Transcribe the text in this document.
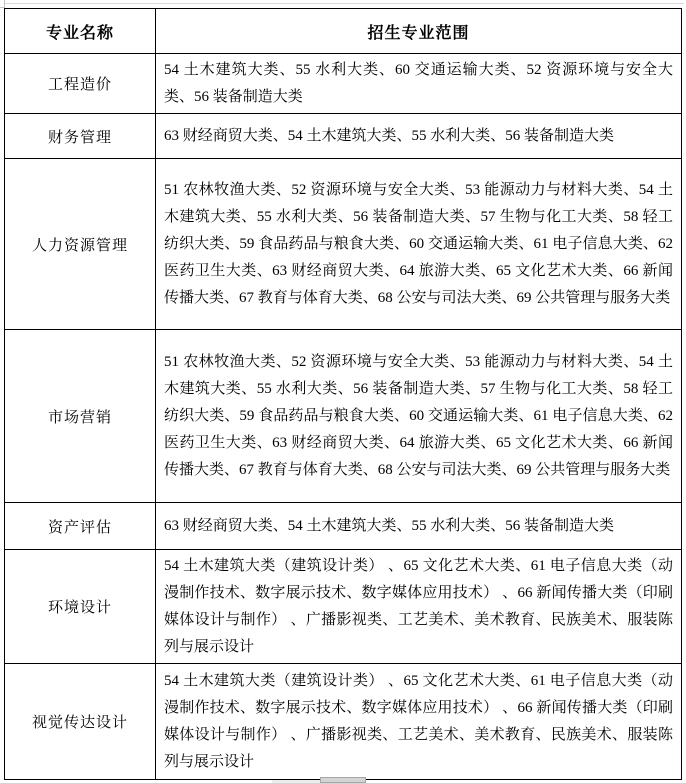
专业名称	招生专业范围
工程造价	54 土木建筑大类、55 水利大类、60 交通运输大类、52 资源环境与安全大类、56 装备制造大类
财务管理	63 财经商贸大类、54 土木建筑大类、55 水利大类、56 装备制造大类
人力资源管理	51 农林牧渔大类、52 资源环境与安全大类、53 能源动力与材料大类、54 土木建筑大类、55 水利大类、56 装备制造大类、57 生物与化工大类、58 轻工纺织大类、59 食品药品与粮食大类、60 交通运输大类、61 电子信息大类、62 医药卫生大类、63 财经商贸大类、64 旅游大类、65 文化艺术大类、66 新闻传播大类、67 教育与体育大类、68 公安与司法大类、69 公共管理与服务大类
市场营销	51 农林牧渔大类、52 资源环境与安全大类、53 能源动力与材料大类、54 土木建筑大类、55 水利大类、56 装备制造大类、57 生物与化工大类、58 轻工纺织大类、59 食品药品与粮食大类、60 交通运输大类、61 电子信息大类、62 医药卫生大类、63 财经商贸大类、64 旅游大类、65 文化艺术大类、66 新闻传播大类、67 教育与体育大类、68 公安与司法大类、69 公共管理与服务大类
资产评估	63 财经商贸大类、54 土木建筑大类、55 水利大类、56 装备制造大类
环境设计	54 土木建筑大类（建筑设计类） 、65 文化艺术大类、61 电子信息大类（动漫制作技术、数字展示技术、数字媒体应用技术） 、66 新闻传播大类（印刷媒体设计与制作） 、广播影视类、工艺美术、美术教育、民族美术、服装陈列与展示设计
视觉传达设计	54 土木建筑大类（建筑设计类） 、65 文化艺术大类、61 电子信息大类（动漫制作技术、数字展示技术、数字媒体应用技术） 、66 新闻传播大类（印刷媒体设计与制作） 、广播影视类、工艺美术、美术教育、民族美术、服装陈列与展示设计
